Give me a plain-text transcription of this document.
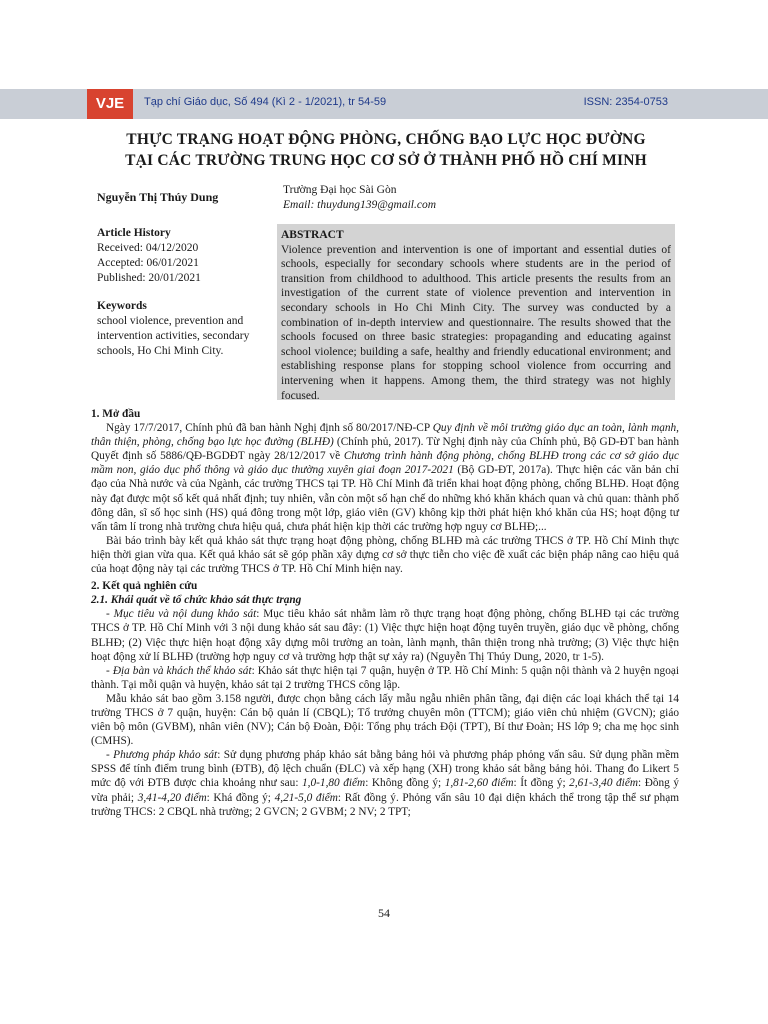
VJE	Tạp chí Giáo dục, Số 494 (Kì 2 - 1/2021), tr 54-59	ISSN: 2354-0753
THỰC TRẠNG HOẠT ĐỘNG PHÒNG, CHỐNG BẠO LỰC HỌC ĐƯỜNG
TẠI CÁC TRƯỜNG TRUNG HỌC CƠ SỞ Ở THÀNH PHỐ HỒ CHÍ MINH
Nguyễn Thị Thúy Dung	Trường Đại học Sài Gòn
Email: thuydung139@gmail.com
Article History
Received: 04/12/2020
Accepted: 06/01/2021
Published: 20/01/2021
Keywords
school violence, prevention and intervention activities, secondary schools, Ho Chi Minh City.
ABSTRACT
Violence prevention and intervention is one of important and essential duties of schools, especially for secondary schools where students are in the period of transition from childhood to adulthood. This article presents the results from an investigation of the current state of violence prevention and intervention in secondary schools in Ho Chi Minh City. The survey was conducted by a combination of in-depth interview and questionnaire. The results showed that the schools focused on three basic strategies: propaganding and educating against school violence; building a safe, healthy and friendly educational environment; and establishing response plans for stopping school violence from occurring and intervening when it happens. Among them, the third strategy was not highly focused.

1. Mở đầu

Ngày 17/7/2017, Chính phủ đã ban hành Nghị định số 80/2017/NĐ-CP Quy định về môi trường giáo dục an toàn, lành mạnh, thân thiện, phòng, chống bạo lực học đường (BLHĐ) (Chính phủ, 2017). Từ Nghị định này của Chính phủ, Bộ GD-ĐT ban hành Quyết định số 5886/QĐ-BGDĐT ngày 28/12/2017 về Chương trình hành động phòng, chống BLHĐ trong các cơ sở giáo dục mầm non, giáo dục phổ thông và giáo dục thường xuyên giai đoạn 2017-2021 (Bộ GD-ĐT, 2017a). Thực hiện các văn bản chỉ đạo của Nhà nước và của Ngành, các trường THCS tại TP. Hồ Chí Minh đã triển khai hoạt động phòng, chống BLHĐ. Hoạt động này đạt được một số kết quả nhất định; tuy nhiên, vẫn còn một số hạn chế do những khó khăn khách quan và chủ quan: thành phố đông dân, sĩ số học sinh (HS) quá đông trong một lớp, giáo viên (GV) không kịp thời phát hiện khó khăn của HS; hoạt động tư vấn tâm lí trong nhà trường chưa hiệu quả, chưa phát hiện kịp thời các trường hợp nguy cơ BLHĐ;...

Bài báo trình bày kết quả khảo sát thực trạng hoạt động phòng, chống BLHĐ mà các trường THCS ở TP. Hồ Chí Minh thực hiện thời gian vừa qua. Kết quả khảo sát sẽ góp phần xây dựng cơ sở thực tiễn cho việc đề xuất các biện pháp nâng cao hiệu quả của hoạt động này tại các trường THCS ở TP. Hồ Chí Minh hiện nay.

2. Kết quả nghiên cứu

2.1. Khái quát về tổ chức khảo sát thực trạng

- Mục tiêu và nội dung khảo sát: Mục tiêu khảo sát nhằm làm rõ thực trạng hoạt động phòng, chống BLHĐ tại các trường THCS ở TP. Hồ Chí Minh với 3 nội dung khảo sát sau đây: (1) Việc thực hiện hoạt động tuyên truyền, giáo dục về phòng, chống BLHĐ; (2) Việc thực hiện hoạt động xây dựng môi trường an toàn, lành mạnh, thân thiện trong nhà trường; (3) Việc thực hiện hoạt động xử lí BLHĐ (trường hợp nguy cơ và trường hợp thật sự xảy ra) (Nguyễn Thị Thúy Dung, 2020, tr 1-5).

- Địa bàn và khách thể khảo sát: Khảo sát thực hiện tại 7 quận, huyện ở TP. Hồ Chí Minh: 5 quận nội thành và 2 huyện ngoại thành. Tại mỗi quận và huyện, khảo sát tại 2 trường THCS công lập.

Mẫu khảo sát bao gồm 3.158 người, được chọn bằng cách lấy mẫu ngẫu nhiên phân tầng, đại diện các loại khách thể tại 14 trường THCS ở 7 quận, huyện: Cán bộ quản lí (CBQL); Tổ trưởng chuyên môn (TTCM); giáo viên chủ nhiệm (GVCN); giáo viên bộ môn (GVBM), nhân viên (NV); Cán bộ Đoàn, Đội: Tổng phụ trách Đội (TPT), Bí thư Đoàn; HS lớp 9; cha mẹ học sinh (CMHS).

- Phương pháp khảo sát: Sử dụng phương pháp khảo sát bằng bảng hỏi và phương pháp phỏng vấn sâu. Sử dụng phần mềm SPSS để tính điểm trung bình (ĐTB), độ lệch chuẩn (ĐLC) và xếp hạng (XH) trong khảo sát bằng bảng hỏi. Thang đo Likert 5 mức độ với ĐTB được chia khoảng như sau: 1,0-1,80 điểm: Không đồng ý; 1,81-2,60 điểm: Ít đồng ý; 2,61-3,40 điểm: Đồng ý vừa phải; 3,41-4,20 điểm: Khá đồng ý; 4,21-5,0 điểm: Rất đồng ý. Phỏng vấn sâu 10 đại diện khách thể trong tập thể sư phạm trường THCS: 2 CBQL nhà trường; 2 GVCN; 2 GVBM; 2 NV; 2 TPT;

54
